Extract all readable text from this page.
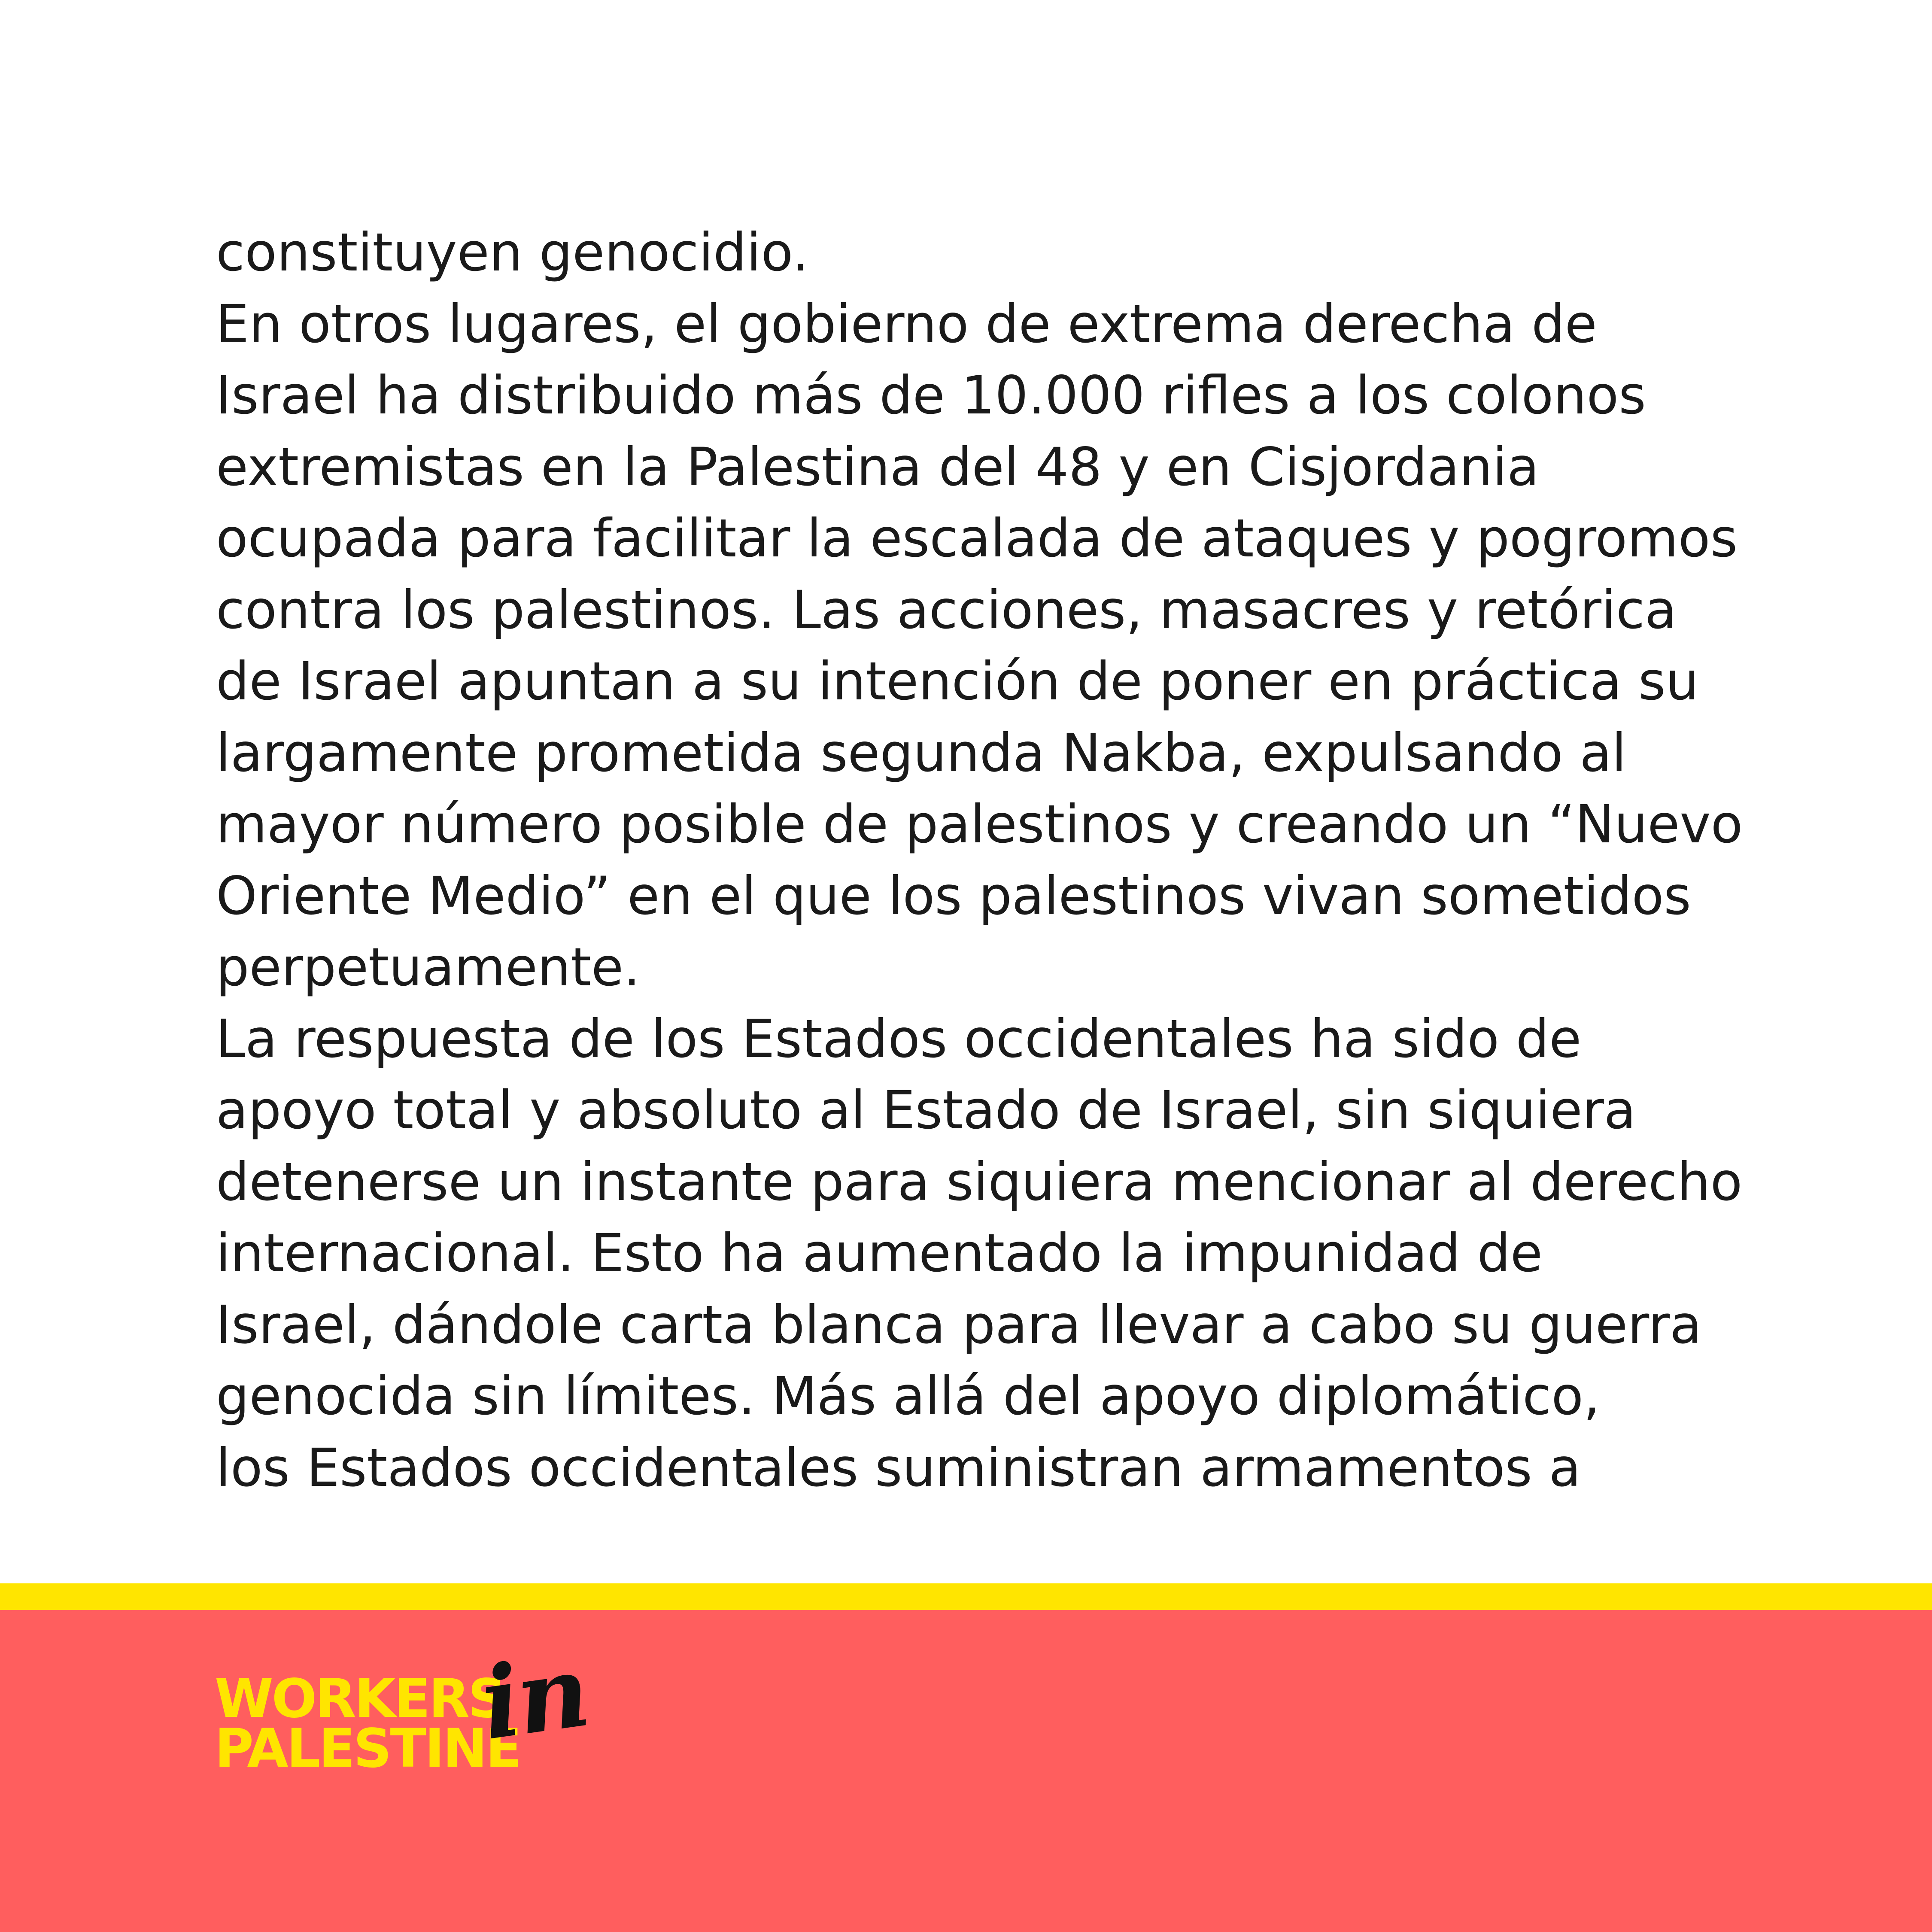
constituyen genocidio.
En otros lugares, el gobierno de extrema derecha de
Israel ha distribuido más de 10.000 rifles a los colonos
extremistas en la Palestina del 48 y en Cisjordania
ocupada para facilitar la escalada de ataques y pogromos
contra los palestinos. Las acciones, masacres y retórica
de Israel apuntan a su intención de poner en práctica su
largamente prometida segunda Nakba, expulsando al
mayor número posible de palestinos y creando un “Nuevo
Oriente Medio” en el que los palestinos vivan sometidos
perpetuamente.
La respuesta de los Estados occidentales ha sido de
apoyo total y absoluto al Estado de Israel, sin siquiera
detenerse un instante para siquiera mencionar al derecho
internacional. Esto ha aumentado la impunidad de
Israel, dándole carta blanca para llevar a cabo su guerra
genocida sin límites. Más allá del apoyo diplomático,
los Estados occidentales suministran armamentos a
WORKERS
PALESTINE
in
